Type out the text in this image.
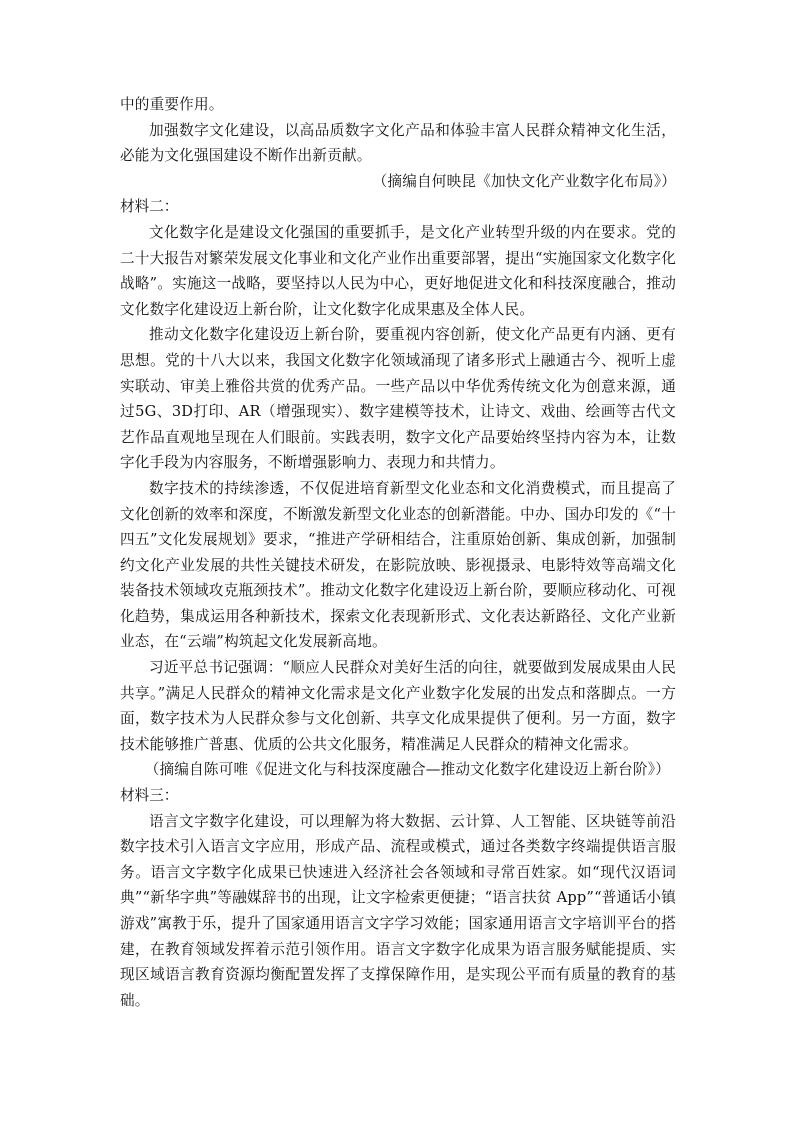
中的重要作用。

加强数字文化建设，以高品质数字文化产品和体验丰富人民群众精神文化生活，必能为文化强国建设不断作出新贡献。

（摘编自何映昆《加快文化产业数字化布局》）

材料二：

文化数字化是建设文化强国的重要抓手，是文化产业转型升级的内在要求。党的二十大报告对繁荣发展文化事业和文化产业作出重要部署，提出“实施国家文化数字化战略”。实施这一战略，要坚持以人民为中心，更好地促进文化和科技深度融合，推动文化数字化建设迈上新台阶，让文化数字化成果惠及全体人民。

推动文化数字化建设迈上新台阶，要重视内容创新，使文化产品更有内涵、更有思想。党的十八大以来，我国文化数字化领域涌现了诸多形式上融通古今、视听上虚实联动、审美上雅俗共赏的优秀产品。一些产品以中华优秀传统文化为创意来源，通过5G、3D打印、AR（增强现实）、数字建模等技术，让诗文、戏曲、绘画等古代文艺作品直观地呈现在人们眼前。实践表明，数字文化产品要始终坚持内容为本，让数字化手段为内容服务，不断增强影响力、表现力和共情力。

数字技术的持续渗透，不仅促进培育新型文化业态和文化消费模式，而且提高了文化创新的效率和深度，不断激发新型文化业态的创新潜能。中办、国办印发的《“十四五”文化发展规划》要求，“推进产学研相结合，注重原始创新、集成创新，加强制约文化产业发展的共性关键技术研发，在影院放映、影视摄录、电影特效等高端文化装备技术领域攻克瓶颈技术”。推动文化数字化建设迈上新台阶，要顺应移动化、可视化趋势，集成运用各种新技术，探索文化表现新形式、文化表达新路径、文化产业新业态，在“云端”构筑起文化发展新高地。

习近平总书记强调：“顺应人民群众对美好生活的向往，就要做到发展成果由人民共享。”满足人民群众的精神文化需求是文化产业数字化发展的出发点和落脚点。一方面，数字技术为人民群众参与文化创新、共享文化成果提供了便利。另一方面，数字技术能够推广普惠、优质的公共文化服务，精准满足人民群众的精神文化需求。

（摘编自陈可唯《促进文化与科技深度融合—推动文化数字化建设迈上新台阶》）

材料三：

语言文字数字化建设，可以理解为将大数据、云计算、人工智能、区块链等前沿数字技术引入语言文字应用，形成产品、流程或模式，通过各类数字终端提供语言服务。语言文字数字化成果已快速进入经济社会各领域和寻常百姓家。如“现代汉语词典”“新华字典”等融媒辞书的出现，让文字检索更便捷；“语言扶贫 App”“普通话小镇游戏”寓教于乐，提升了国家通用语言文字学习效能；国家通用语言文字培训平台的搭建，在教育领域发挥着示范引领作用。语言文字数字化成果为语言服务赋能提质、实现区域语言教育资源均衡配置发挥了支撑保障作用，是实现公平而有质量的教育的基础。
